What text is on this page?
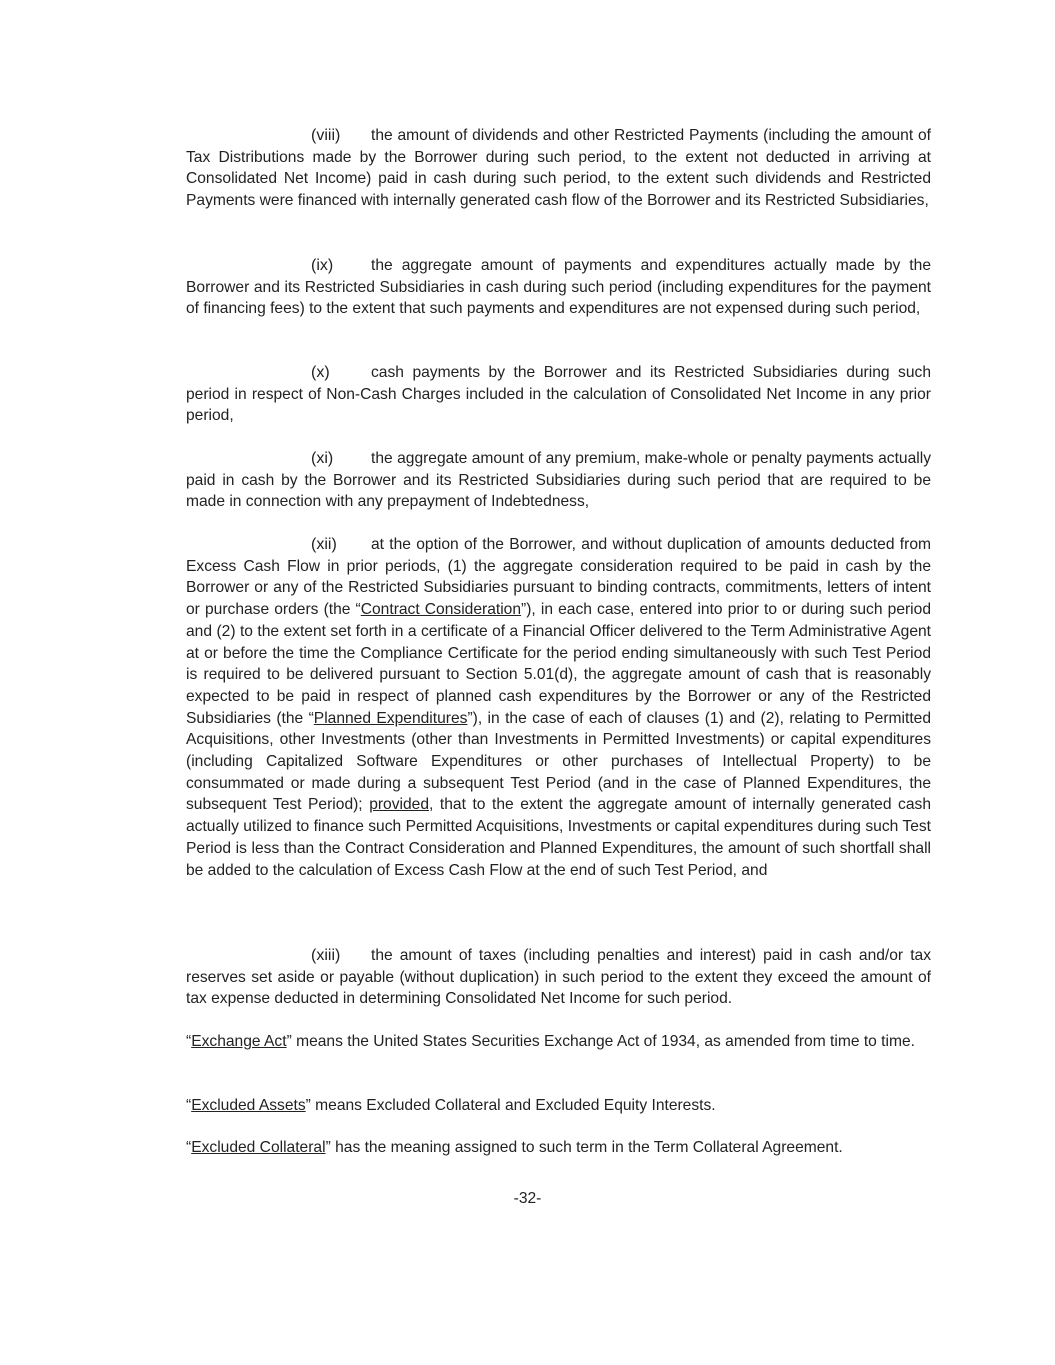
(viii) the amount of dividends and other Restricted Payments (including the amount of Tax Distributions made by the Borrower during such period, to the extent not deducted in arriving at Consolidated Net Income) paid in cash during such period, to the extent such dividends and Restricted Payments were financed with internally generated cash flow of the Borrower and its Restricted Subsidiaries,

(ix) the aggregate amount of payments and expenditures actually made by the Borrower and its Restricted Subsidiaries in cash during such period (including expenditures for the payment of financing fees) to the extent that such payments and expenditures are not expensed during such period,

(x)	cash payments by the Borrower and its Restricted Subsidiaries during such period in respect of Non-Cash Charges included in the calculation of Consolidated Net Income in any prior period,

(xi) the aggregate amount of any premium, make-whole or penalty payments actually paid in cash by the Borrower and its Restricted Subsidiaries during such period that are required to be made in connection with any prepayment of Indebtedness,

(xii) at the option of the Borrower, and without duplication of amounts deducted from Excess Cash Flow in prior periods, (1) the aggregate consideration required to be paid in cash by the Borrower or any of the Restricted Subsidiaries pursuant to binding contracts, commitments, letters of intent or purchase orders (the “Contract Consideration”), in each case, entered into prior to or during such period and (2) to the extent set forth in a certificate of a Financial Officer delivered to the Term Administrative Agent at or before the time the Compliance Certificate for the period ending simultaneously with such Test Period is required to be delivered pursuant to Section 5.01(d), the aggregate amount of cash that is reasonably expected to be paid in respect of planned cash expenditures by the Borrower or any of the Restricted Subsidiaries (the “Planned Expenditures”), in the case of each of clauses (1) and (2), relating to Permitted Acquisitions, other Investments (other than Investments in Permitted Investments) or capital expenditures (including Capitalized Software Expenditures or other purchases of Intellectual Property) to be consummated or made during a subsequent Test Period (and in the case of Planned Expenditures, the subsequent Test Period); provided, that to the extent the aggregate amount of internally generated cash actually utilized to finance such Permitted Acquisitions, Investments or capital expenditures during such Test Period is less than the Contract Consideration and Planned Expenditures, the amount of such shortfall shall be added to the calculation of Excess Cash Flow at the end of such Test Period, and

(xiii) the amount of taxes (including penalties and interest) paid in cash and/or tax reserves set aside or payable (without duplication) in such period to the extent they exceed the amount of tax expense deducted in determining Consolidated Net Income for such period.

“Exchange Act” means the United States Securities Exchange Act of 1934, as amended from time to time.

“Excluded Assets” means Excluded Collateral and Excluded Equity Interests.

“Excluded Collateral” has the meaning assigned to such term in the Term Collateral Agreement.

-32-
